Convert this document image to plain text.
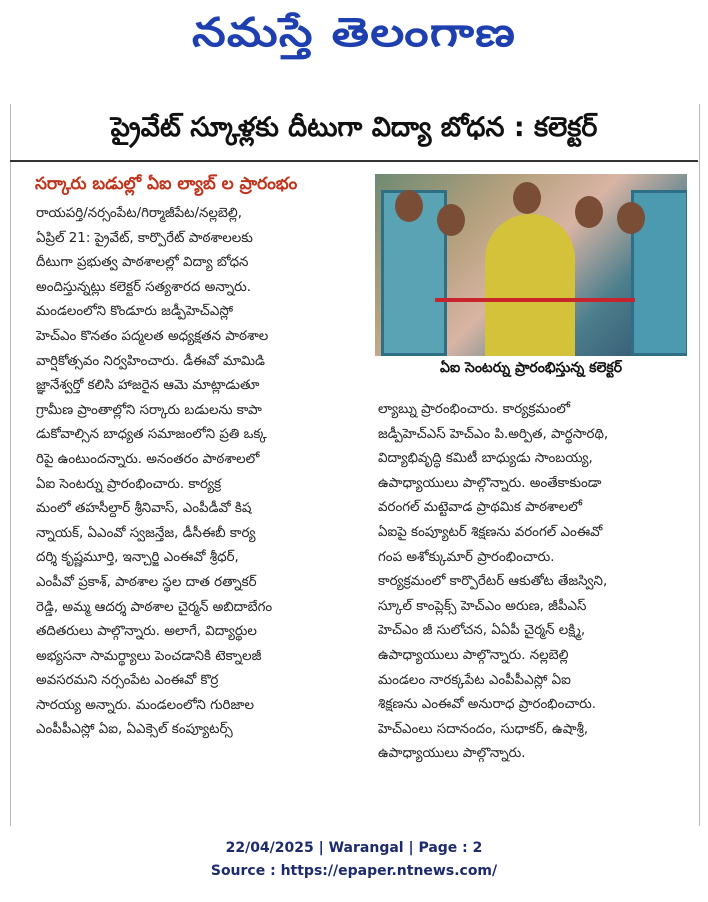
నమస్తే తెలంగాణ
ప్రైవేట్ స్కూళ్లకు దీటుగా విద్యా బోధన : కలెక్టర్
సర్కారు బడుల్లో ఏఐ ల్యాబ్ ల ప్రారంభం

రాయపర్తి/నర్సంపేట/గిర్మాజీపేట/నల్లబెల్లి,

ఏప్రిల్ 21: ప్రైవేట్, కార్పొరేట్ పాఠశాలలకు

దీటుగా ప్రభుత్వ పాఠశాలల్లో విద్యా బోధన

అందిస్తున్నట్లు కలెక్టర్ సత్యశారద అన్నారు.

మండలంలోని కొండూరు జడ్పీహెచ్ఎస్లో

హెచ్ఎం కొనతం పద్మలత అధ్యక్షతన పాఠశాల

వార్షికోత్సవం నిర్వహించారు. డీఈవో మామిడి

జ్ఞానేశ్వర్తో కలిసి హాజరైన ఆమె మాట్లాడుతూ

గ్రామీణ ప్రాంతాల్లోని సర్కారు బడులను కాపా

డుకోవాల్సిన బాధ్యత సమాజంలోని ప్రతి ఒక్క

రిపై ఉంటుందన్నారు. అనంతరం పాఠశాలలో

ఏఐ సెంటర్ను ప్రారంభించారు. కార్యక్ర

మంలో తహసీల్దార్ శ్రీనివాస్, ఎంపీడీవో కిష

న్నాయక్, ఏఎంవో స్వజన్తేజ, డీసీఈబీ కార్య

దర్శి కృష్ణమూర్తి, ఇన్చార్జి ఎంఈవో శ్రీధర్,

ఎంపీవో ప్రకాశ్, పాఠశాల స్థల దాత రత్నాకర్

రెడ్డి, అమ్మ ఆదర్శ పాఠశాల చైర్మన్ అబిదాబేగం

తదితరులు పాల్గొన్నారు. అలాగే, విద్యార్థుల

అభ్యసనా సామర్థ్యాలు పెంచడానికి టెక్నాలజీ

అవసరమని నర్సంపేట ఎంఈవో కొర్ర

సారయ్య అన్నారు. మండలంలోని గురిజాల

ఎంపీపీఎస్లో ఏఐ, ఏఎక్సెల్ కంప్యూటర్స్

ఏఐ సెంటర్ను ప్రారంభిస్తున్న కలెక్టర్

ల్యాబ్ను ప్రారంభించారు. కార్యక్రమంలో

జడ్పీహెచ్ఎస్ హెచ్ఎం పి.అర్పిత, పార్థసారథి,

విద్యాభివృద్ధి కమిటీ బాధ్యుడు సాంబయ్య,

ఉపాధ్యాయులు పాల్గొన్నారు. అంతేకాకుండా

వరంగల్ మట్టెవాడ ప్రాథమిక పాఠశాలలో

ఏఐపై కంప్యూటర్ శిక్షణను వరంగల్ ఎంఈవో

గంప అశోక్కుమార్ ప్రారంభించారు.

కార్యక్రమంలో కార్పొరేటర్ ఆకుతోట తేజస్విని,

స్కూల్ కాంప్లెక్స్ హెచ్ఎం అరుణ, జీపీఎస్

హెచ్ఎం జీ సులోచన, ఏఏపీ చైర్మన్ లక్ష్మి,

ఉపాధ్యాయులు పాల్గొన్నారు. నల్లబెల్లి

మండలం నారక్కపేట ఎంపీపీఎస్లో ఏఐ

శిక్షణను ఎంఈవో అనురాధ ప్రారంభించారు.

హెచ్ఎంలు సదానందం, సుధాకర్, ఉషాశ్రీ,

ఉపాధ్యాయులు పాల్గొన్నారు.

22/04/2025 | Warangal | Page : 2
Source : https://epaper.ntnews.com/
